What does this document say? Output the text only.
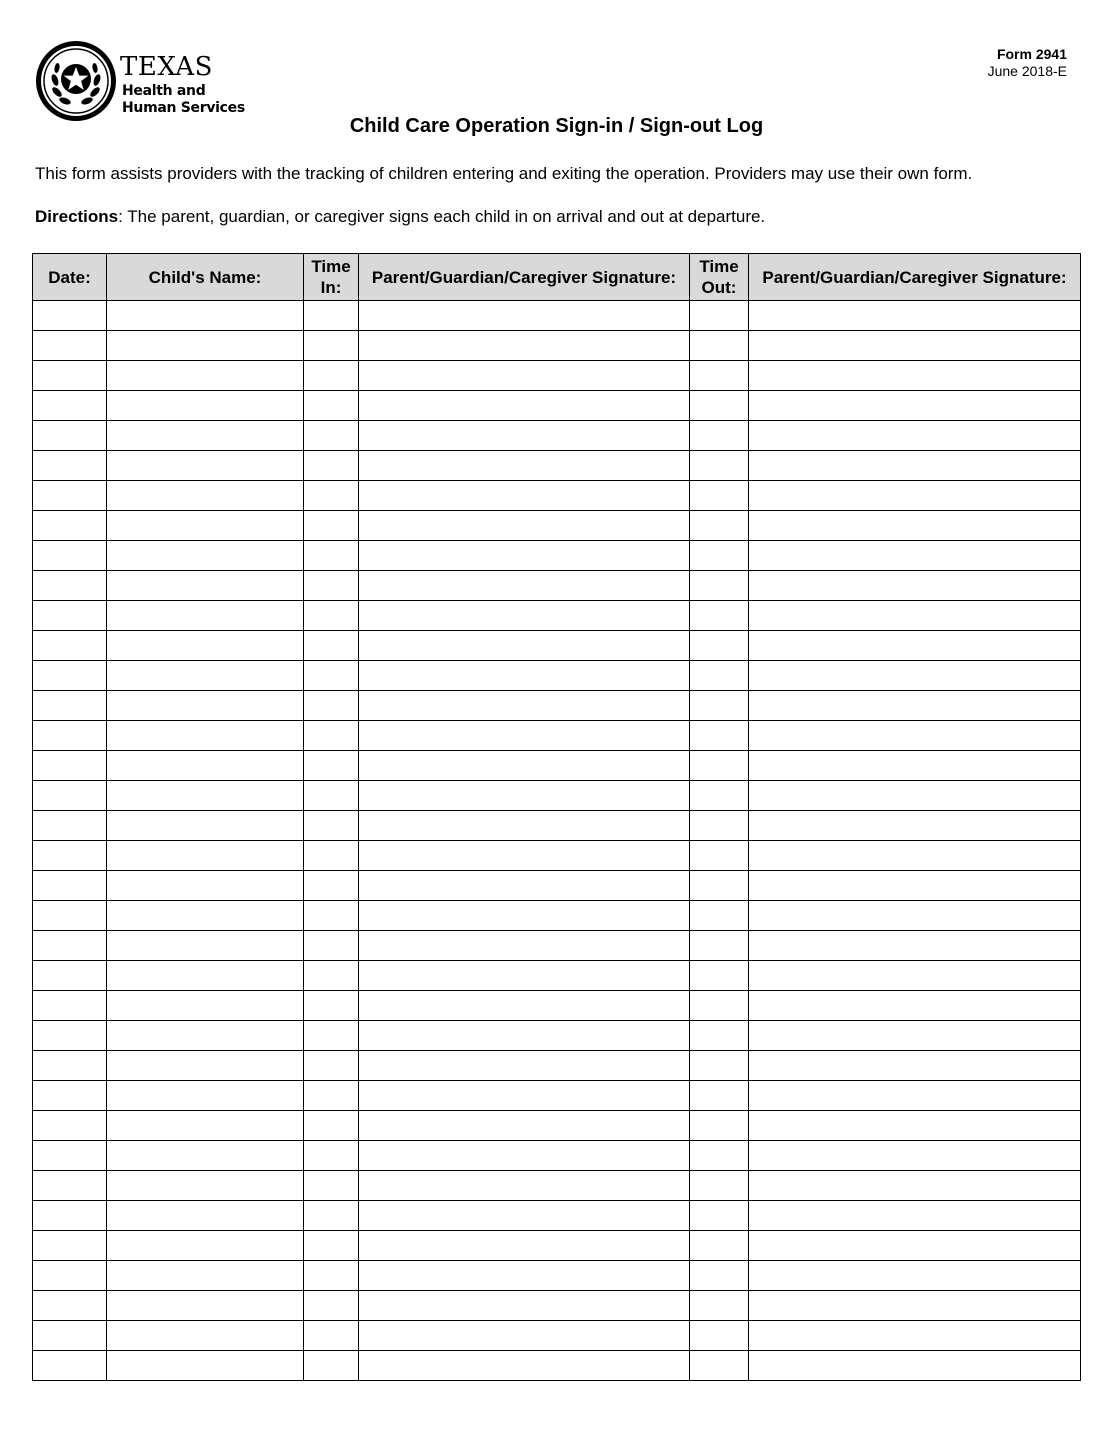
TEXAS
Health and Human Services
Form 2941
June 2018-E
Child Care Operation Sign-in / Sign-out Log
This form assists providers with the tracking of children entering and exiting the operation. Providers may use their own form.
Directions: The parent, guardian, or caregiver signs each child in on arrival and out at departure.
Date:	Child's Name:	Time In:	Parent/Guardian/Caregiver Signature:	Time Out:	Parent/Guardian/Caregiver Signature:
